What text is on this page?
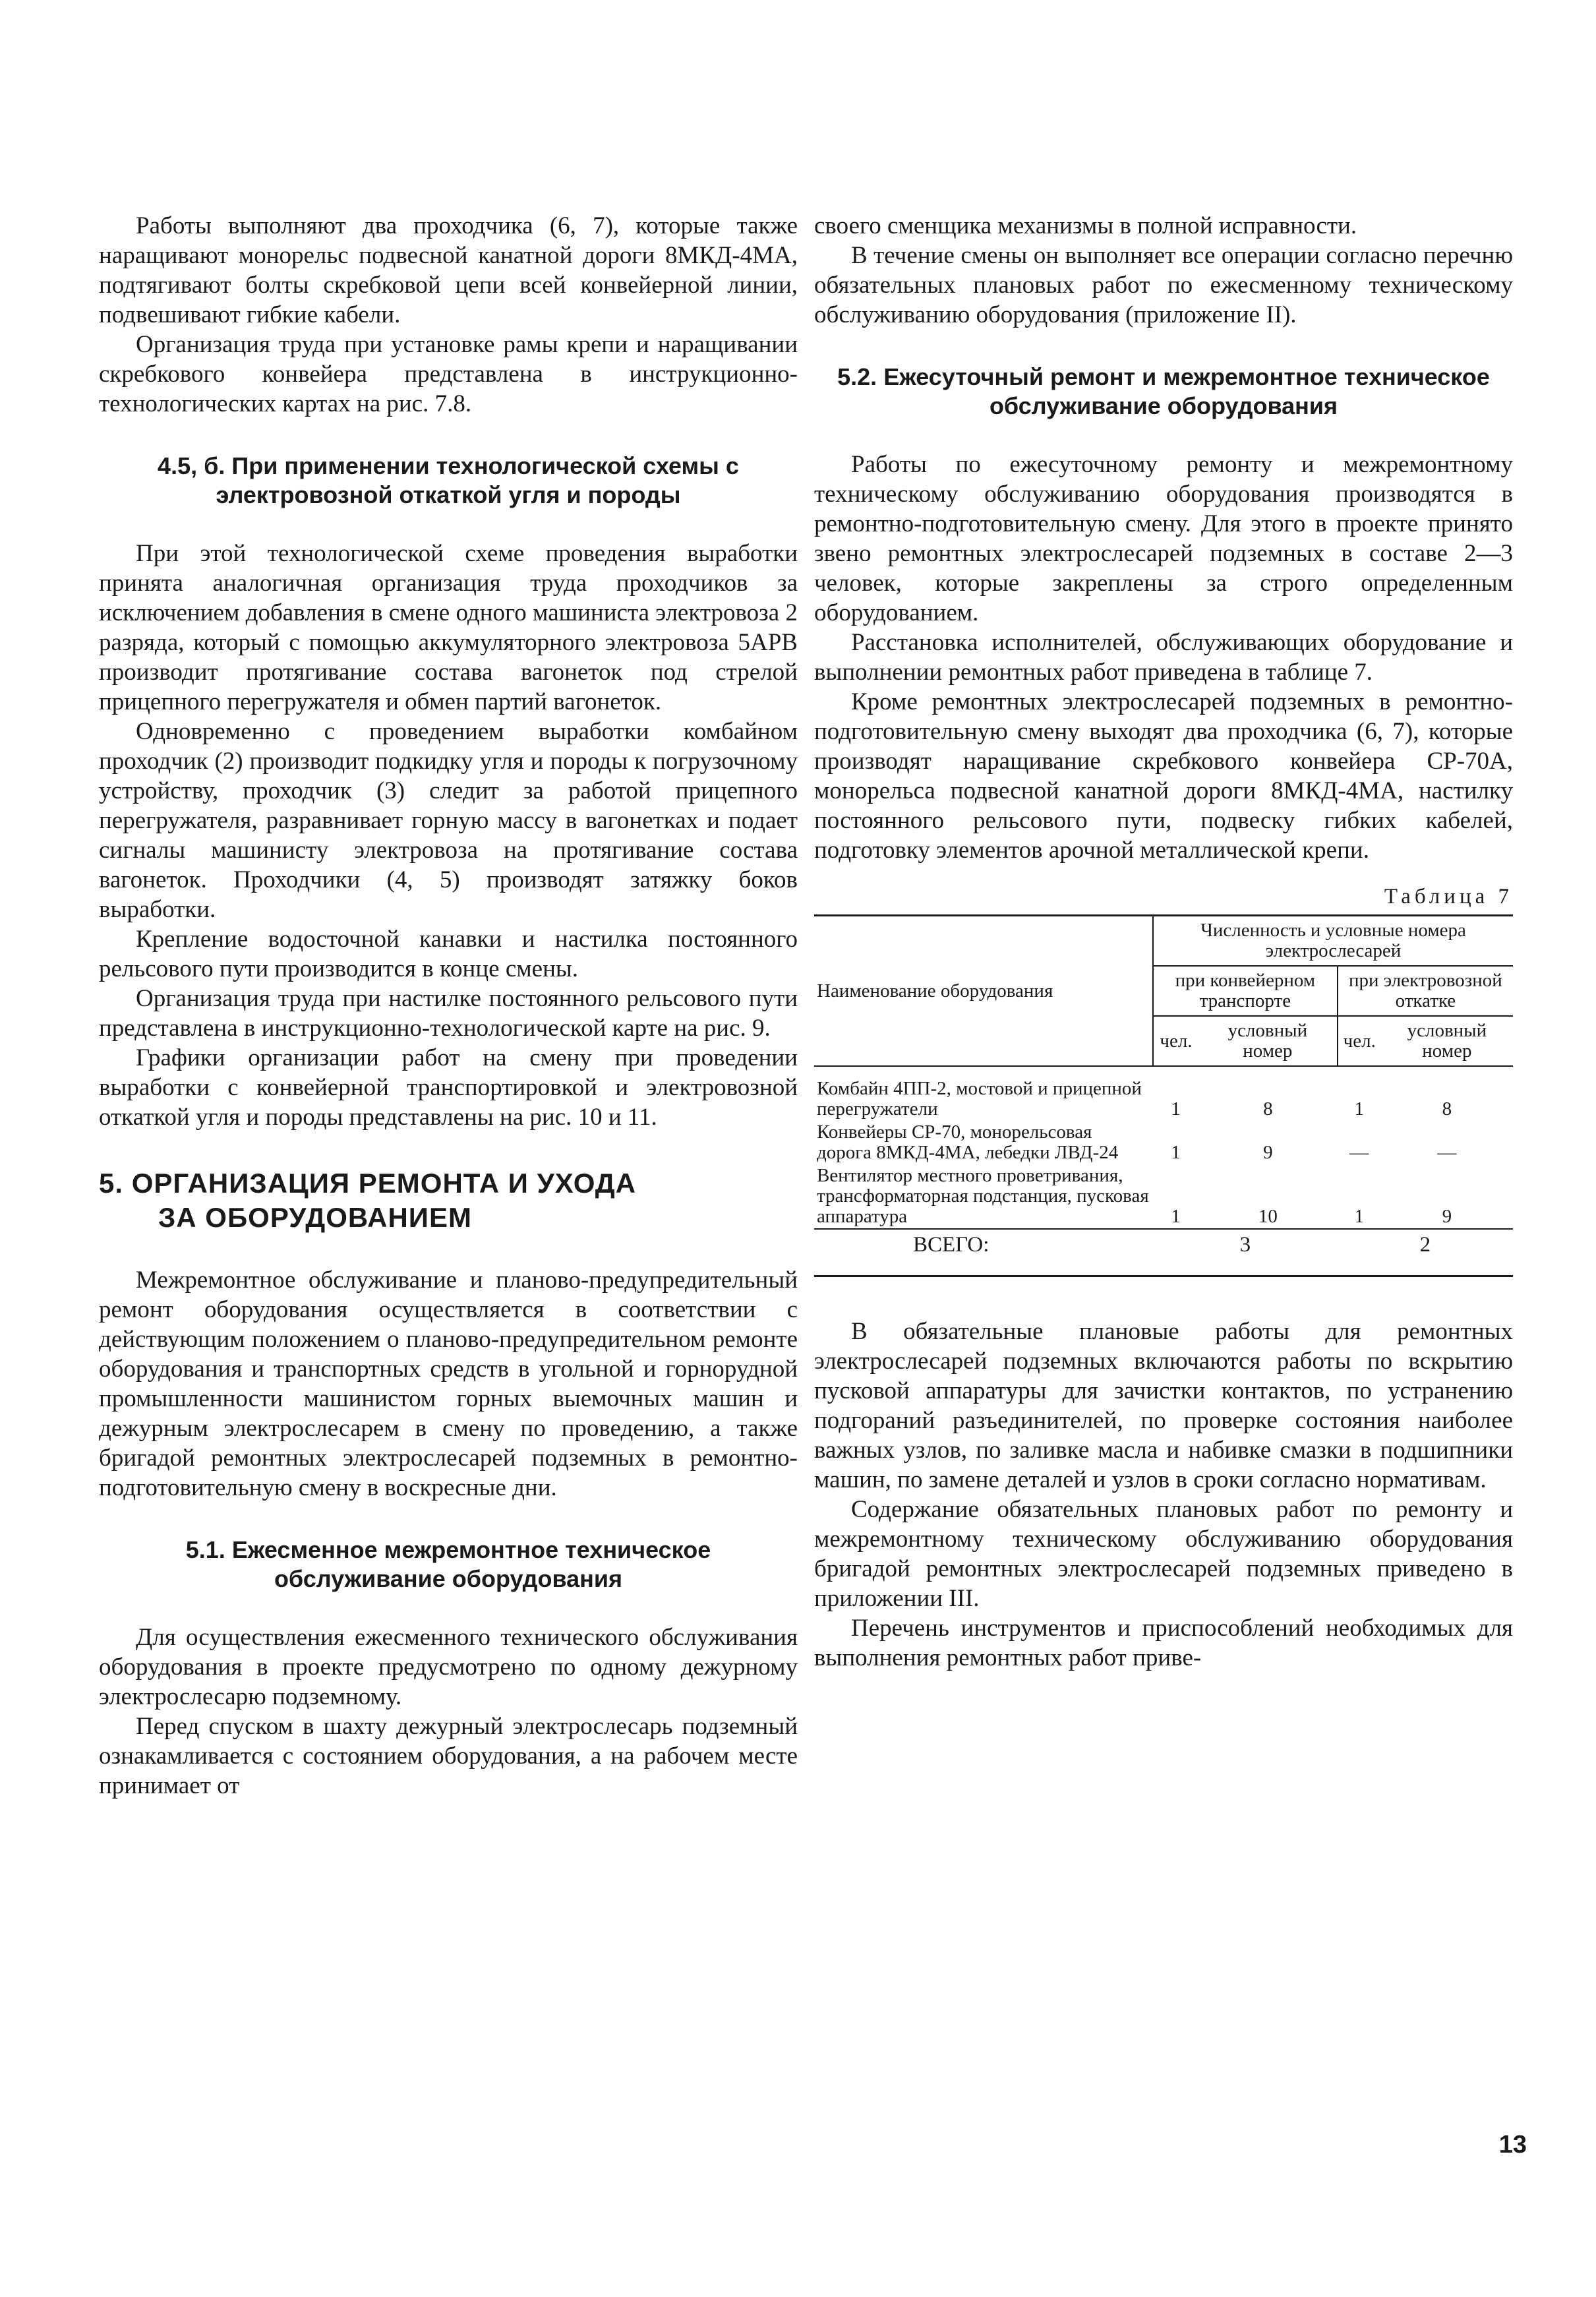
Работы выполняют два проходчика (6, 7), которые также наращивают монорельс подвесной канатной дороги 8МКД-4МА, подтягивают болты скребковой цепи всей конвейерной линии, подвешивают гибкие кабели.

Организация труда при установке рамы крепи и наращивании скребкового конвейера представлена в инструкционно-технологических картах на рис. 7.8.

4.5, б. При применении технологической схемы с электровозной откаткой угля и породы

При этой технологической схеме проведения выработки принята аналогичная организация труда проходчиков за исключением добавления в смене одного машиниста электровоза 2 разряда, который с помощью аккумуляторного электровоза 5АРВ производит протягивание состава вагонеток под стрелой прицепного перегружателя и обмен партий вагонеток.

Одновременно с проведением выработки комбайном проходчик (2) производит подкидку угля и породы к погрузочному устройству, проходчик (3) следит за работой прицепного перегружателя, разравнивает горную массу в вагонетках и подает сигналы машинисту электровоза на протягивание состава вагонеток. Проходчики (4, 5) производят затяжку боков выработки.

Крепление водосточной канавки и настилка постоянного рельсового пути производится в конце смены.

Организация труда при настилке постоянного рельсового пути представлена в инструкционно-технологической карте на рис. 9.

Графики организации работ на смену при проведении выработки с конвейерной транспортировкой и электровозной откаткой угля и породы представлены на рис. 10 и 11.

5. ОРГАНИЗАЦИЯ РЕМОНТА И УХОДА
ЗА ОБОРУДОВАНИЕМ

Межремонтное обслуживание и планово-предупредительный ремонт оборудования осуществляется в соответствии с действующим положением о планово-предупредительном ремонте оборудования и транспортных средств в угольной и горнорудной промышленности машинистом горных выемочных машин и дежурным электрослесарем в смену по проведению, а также бригадой ремонтных электрослесарей подземных в ремонтно-подготовительную смену в воскресные дни.

5.1. Ежесменное межремонтное техническое обслуживание оборудования

Для осуществления ежесменного технического обслуживания оборудования в проекте предусмотрено по одному дежурному электрослесарю подземному.

Перед спуском в шахту дежурный электрослесарь подземный ознакамливается с состоянием оборудования, а на рабочем месте принимает от

своего сменщика механизмы в полной исправности.

В течение смены он выполняет все операции согласно перечню обязательных плановых работ по ежесменному техническому обслуживанию оборудования (приложение II).

5.2. Ежесуточный ремонт и межремонтное техническое обслуживание оборудования

Работы по ежесуточному ремонту и межремонтному техническому обслуживанию оборудования производятся в ремонтно-подготовительную смену. Для этого в проекте принято звено ремонтных электрослесарей подземных в составе 2—3 человек, которые закреплены за строго определенным оборудованием.

Расстановка исполнителей, обслуживающих оборудование и выполнении ремонтных работ приведена в таблице 7.

Кроме ремонтных электрослесарей подземных в ремонтно-подготовительную смену выходят два проходчика (6, 7), которые производят наращивание скребкового конвейера СР-70А, монорельса подвесной канатной дороги 8МКД-4МА, настилку постоянного рельсового пути, подвеску гибких кабелей, подготовку элементов арочной металлической крепи.

Таблица 7
Наименование оборудования	Численность и условные номера электрослесарей			
	при конвейерном транспорте		при электровозной откатке	
	чел.	условный номер	чел.	условный номер
Комбайн 4ПП-2, мостовой и прицепной перегружатели	1	8	1	8
Конвейеры СР-70, монорельсовая дорога 8МКД-4МА, лебедки ЛВД-24	1	9	—	—
Вентилятор местного проветривания, трансформаторная подстанция, пусковая аппаратура	1	10	1	9
ВСЕГО:	3		2	

В обязательные плановые работы для ремонтных электрослесарей подземных включаются работы по вскрытию пусковой аппаратуры для зачистки контактов, по устранению подгораний разъединителей, по проверке состояния наиболее важных узлов, по заливке масла и набивке смазки в подшипники машин, по замене деталей и узлов в сроки согласно нормативам.

Содержание обязательных плановых работ по ремонту и межремонтному техническому обслуживанию оборудования бригадой ремонтных электрослесарей подземных приведено в приложении III.

Перечень инструментов и приспособлений необходимых для выполнения ремонтных работ приве-

13
